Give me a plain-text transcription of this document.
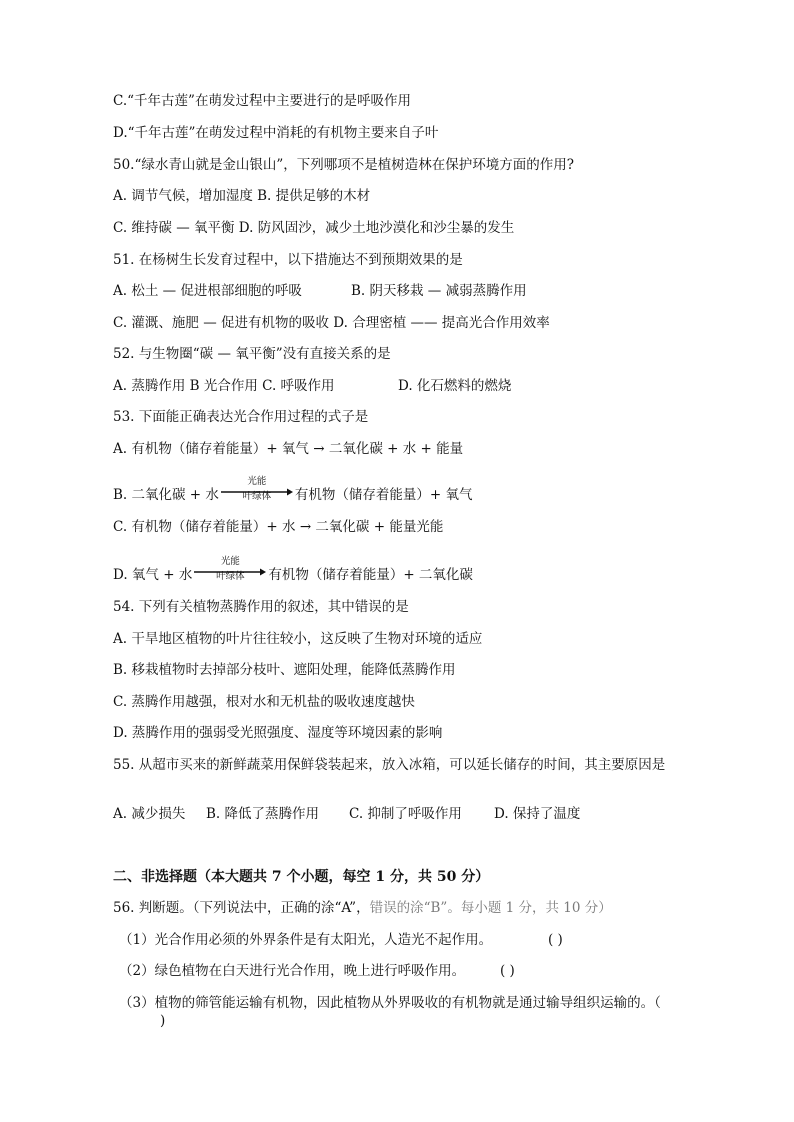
C.“千年古莲”在萌发过程中主要进行的是呼吸作用
D.“千年古莲”在萌发过程中消耗的有机物主要来自子叶
50.“绿水青山就是金山银山”，下列哪项不是植树造林在保护环境方面的作用?
A. 调节气候，增加湿度 B. 提供足够的木材
C. 维持碳 — 氧平衡 D. 防风固沙，减少土地沙漠化和沙尘暴的发生
51. 在杨树生长发育过程中，以下措施达不到预期效果的是
A. 松土 — 促进根部细胞的呼吸	B. 阴天移栽 — 减弱蒸腾作用
C. 灌溉、施肥 — 促进有机物的吸收 D. 合理密植 —— 提高光合作用效率
52. 与生物圈“碳 — 氧平衡”没有直接关系的是
A. 蒸腾作用 B 光合作用 C. 呼吸作用	D. 化石燃料的燃烧
53. 下面能正确表达光合作用过程的式子是
A. 有机物（储存着能量）+ 氧气 → 二氧化碳 + 水 + 能量
B. 二氧化碳 + 水
光能
叶绿体	有机物（储存着能量）+ 氧气
C. 有机物（储存着能量）+ 水 → 二氧化碳 + 能量光能
D. 氧气 + 水
光能
叶绿体	有机物（储存着能量）+ 二氧化碳
54. 下列有关植物蒸腾作用的叙述，其中错误的是
A. 干旱地区植物的叶片往往较小，这反映了生物对环境的适应
B. 移栽植物时去掉部分枝叶、遮阳处理，能降低蒸腾作用
C. 蒸腾作用越强，根对水和无机盐的吸收速度越快
D. 蒸腾作用的强弱受光照强度、湿度等环境因素的影响
55. 从超市买来的新鲜蔬菜用保鲜袋装起来，放入冰箱，可以延长储存的时间，其主要原因是
A. 减少损失 B. 降低了蒸腾作用 C. 抑制了呼吸作用 D. 保持了温度
二、非选择题（本大题共 7 个小题，每空 1 分，共 50 分）
56. 判断题。（下列说法中，正确的涂“A”，错误的涂“B”。每小题 1 分，共 10 分）
（1）光合作用必须的外界条件是有太阳光，人造光不起作用。	( )
（2）绿色植物在白天进行光合作用，晚上进行呼吸作用。	( )
（3）植物的筛管能运输有机物，因此植物从外界吸收的有机物就是通过输导组织运输的。（
)
